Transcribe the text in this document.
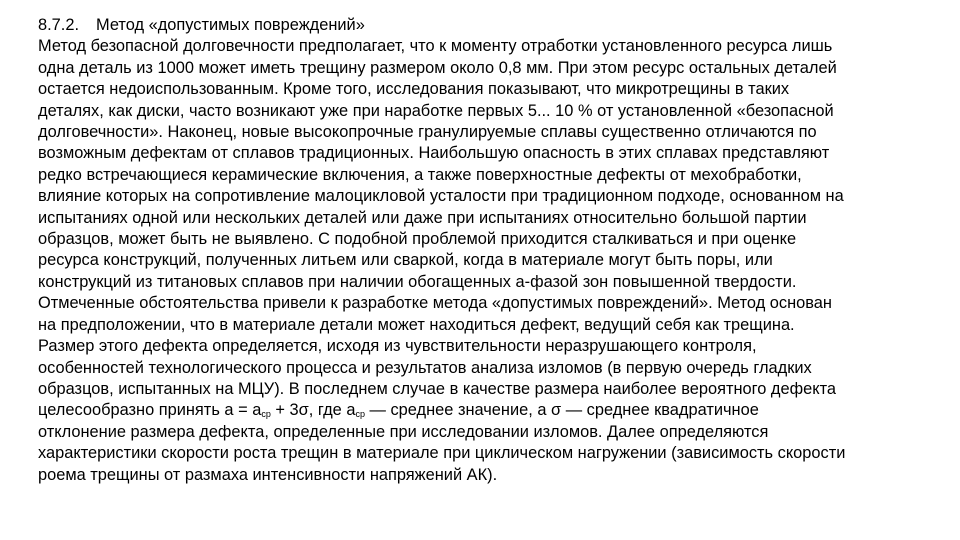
8.7.2.	Метод «допустимых повреждений»
Метод безопасной долговечности предполагает, что к моменту отработки установленного ресурса лишь
одна деталь из 1000 может иметь трещину размером около 0,8 мм. При этом ресурс остальных деталей
остается недоиспользованным. Кроме того, исследования показывают, что микротрещины в таких
деталях, как диски, часто возникают уже при наработке первых 5... 10 % от установленной «безопасной
долговечности». Наконец, новые высокопрочные гранулируемые сплавы существенно отличаются по
возможным дефектам от сплавов традиционных. Наибольшую опасность в этих сплавах представляют
редко встречающиеся керамические включения, а также поверхностные дефекты от мехобработки,
влияние которых на сопротивление малоцикловой усталости при традиционном подходе, основанном на
испытаниях одной или нескольких деталей или даже при испытаниях относительно большой партии
образцов, может быть не выявлено. С подобной проблемой приходится сталкиваться и при оценке
ресурса конструкций, полученных литьем или сваркой, когда в материале могут быть поры, или
конструкций из титановых сплавов при наличии обогащенных а-фазой зон повышенной твердости.
Отмеченные обстоятельства привели к разработке метода «допустимых повреждений». Метод основан
на предположении, что в материале детали может находиться дефект, ведущий себя как трещина.
Размер этого дефекта определяется, исходя из чувствительности неразрушающего контроля,
особенностей технологического процесса и результатов анализа изломов (в первую очередь гладких
образцов, испытанных на МЦУ). В последнем случае в качестве размера наиболее вероятного дефекта
целесообразно принять $а = а_{ср} + 3\sigma$, где $а_{ср}$ — среднее значение, а σ — среднее квадратичное
отклонение размера дефекта, определенные при исследовании изломов. Далее определяются
характеристики скорости роста трещин в материале при циклическом нагружении (зависимость скорости
роема трещины от размаха интенсивности напряжений АК).
